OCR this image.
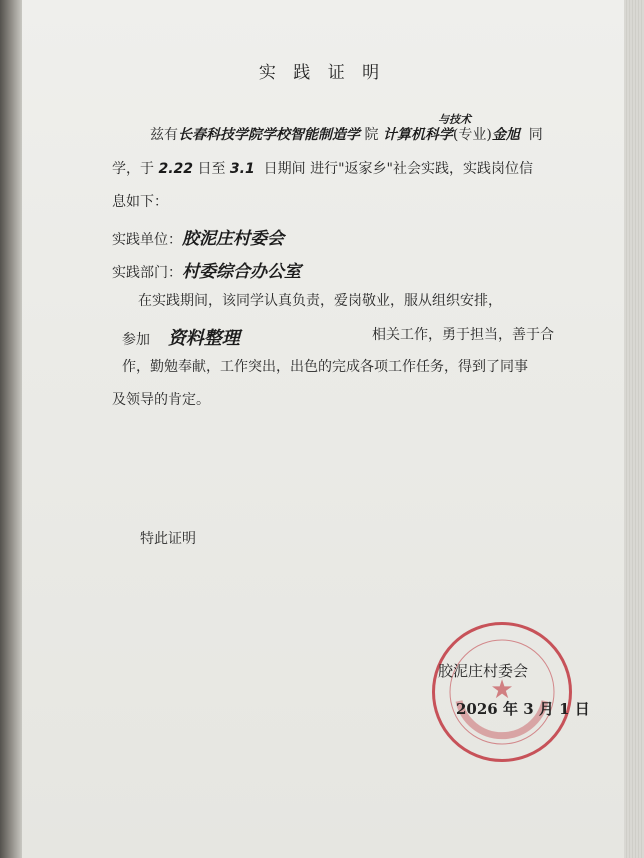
实 践 证 明
兹有长春科技学院学校智能制造学 院 计算机科学(专业)金旭 同
与技术
学，于 2.22 日至 3.1 日期间 进行"返家乡"社会实践，实践岗位信
息如下：
实践单位：胶泥庄村委会
实践部门：村委综合办公室
在实践期间，该同学认真负责，爱岗敬业，服从组织安排，
参加 资料整理	相关工作，勇于担当，善于合
作，勤勉奉献，工作突出，出色的完成各项工作任务，得到了同事
及领导的肯定。
特此证明
★
胶泥庄村委会
2026 年 3 月 1 日
